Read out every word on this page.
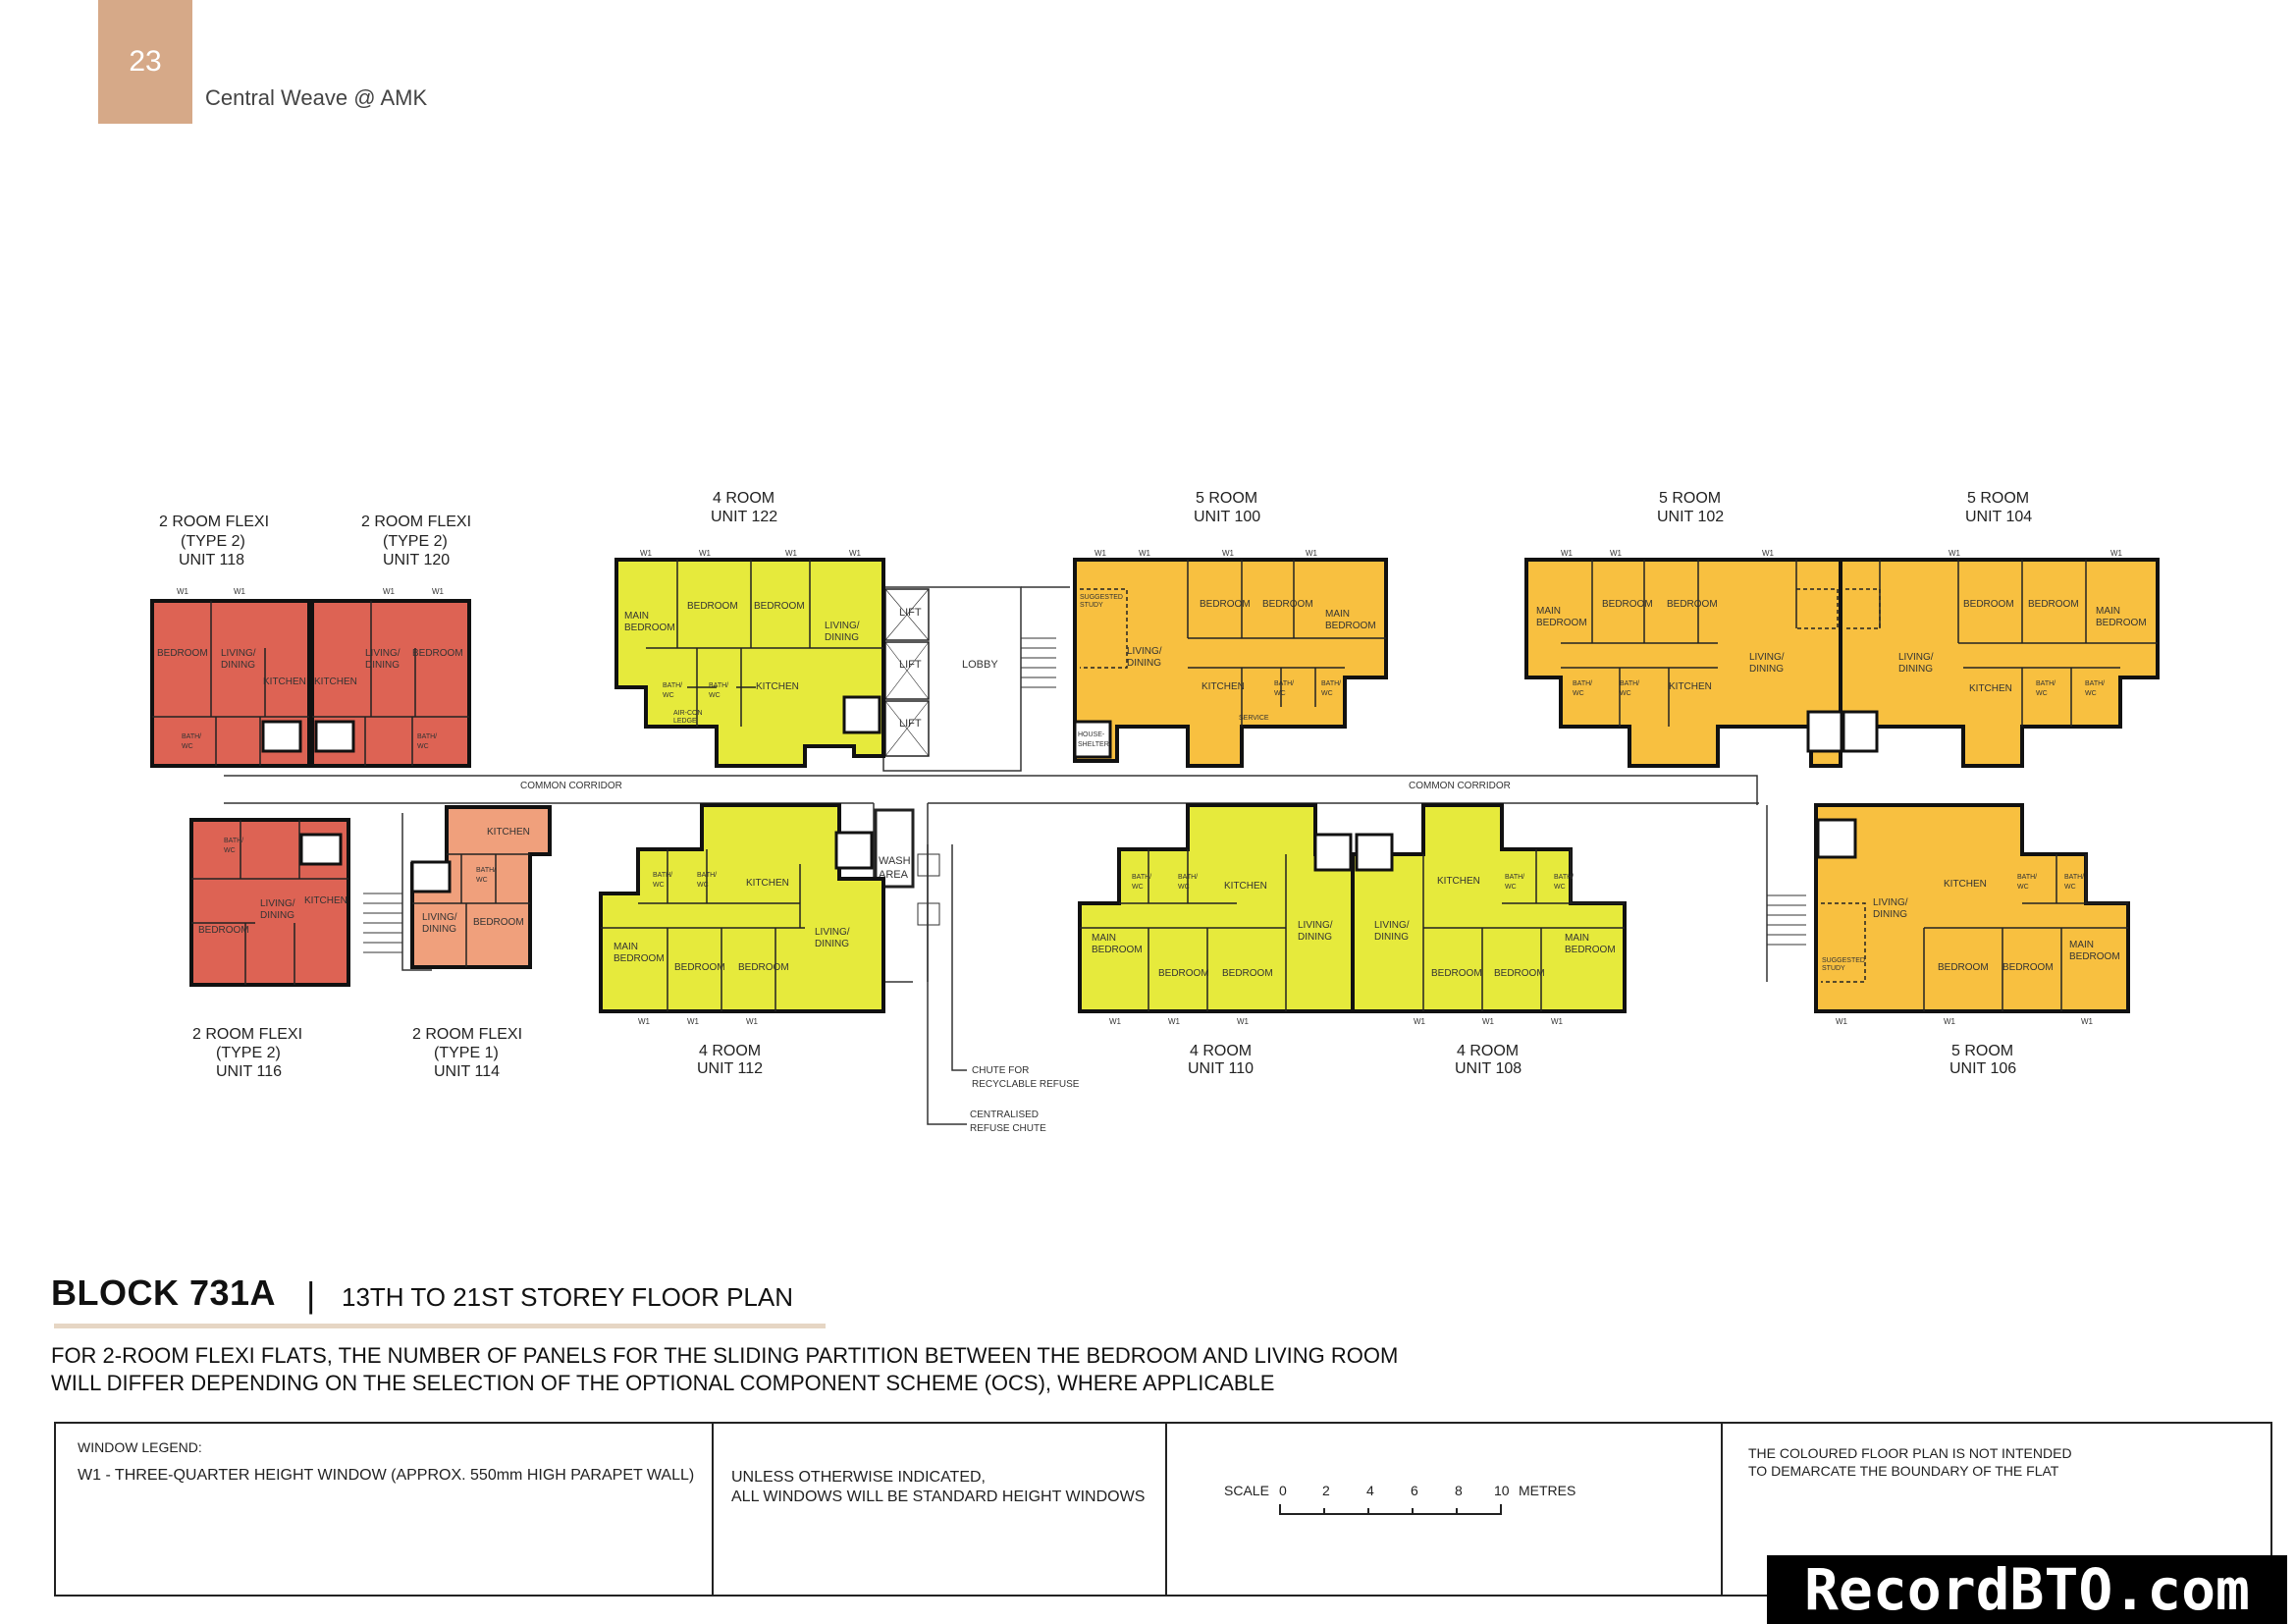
23
Central Weave @ AMK
LIFT
LIFT
LIFT
LOBBY
WASH
AREA
CHUTE FOR
RECYCLABLE REFUSE
CENTRALISED
REFUSE CHUTE
COMMON CORRIDOR	COMMON CORRIDOR
2 ROOM FLEXI
(TYPE 2)
UNIT 118
2 ROOM FLEXI
(TYPE 2)
UNIT 120
4 ROOM
UNIT 122
5 ROOM
UNIT 100
5 ROOM
UNIT 102
5 ROOM
UNIT 104
2 ROOM FLEXI
(TYPE 2)
UNIT 116
2 ROOM FLEXI
(TYPE 1)
UNIT 114
4 ROOM
UNIT 112
4 ROOM
UNIT 110
4 ROOM
UNIT 108
5 ROOM
UNIT 106
BEDROOM LIVING/
DINING
KITCHEN
BATH/
WC
KITCHEN
LIVING/
DINING
BEDROOM
BATH/
WC
MAIN
BEDROOM
BEDROOM BEDROOM
LIVING/
DINING
KITCHEN
BATH/
WC
BATH/
WC
AIR-CON
LEDGE
SUGGESTED
STUDY	BEDROOM BEDROOM
MAIN
BEDROOM
LIVING/
DINING
KITCHEN	BATH/
WC
BATH/
WC
MAIN
BEDROOM
BEDROOM BEDROOM
LIVING/
DINING
KITCHEN
BATH/
WC
BATH/
WC
LIVING/
DINING
BEDROOM BEDROOM
MAIN
BEDROOM
KITCHEN	BATH/
WC
BATH/
WC
BATH/
WC
KITCHEN
LIVING/
DINING
BEDROOM
KITCHEN
BATH/
WC
LIVING/
DINING
BEDROOM
MAIN
BEDROOM
BEDROOM BEDROOM
LIVING/
DINING
KITCHEN
BATH/
WC
BATH/
WC
MAIN
BEDROOM
BEDROOM BEDROOM
LIVING/
DINING
KITCHEN
BATH/
WC
BATH/
WC
LIVING/
DINING
KITCHEN
BEDROOM BEDROOM
MAIN
BEDROOM
BATH/
WC
BATH/
WC
LIVING/
DINING
KITCHEN
BEDROOM BEDROOM
MAIN
BEDROOM
BATH/
WC
BATH/
WC
SUGGESTED
STUDY
SERVICE
HOUSE-
SHELTER
W1	W1	W1	W1
W1	W1	W1	W1	W1	W1	W1	W1	W1	W1	W1	W1	W1
W1	W1	W1	W1	W1	W1	W1	W1	W1	W1	W1	W1
BLOCK 731A | 13TH TO 21ST STOREY FLOOR PLAN
FOR 2-ROOM FLEXI FLATS, THE NUMBER OF PANELS FOR THE SLIDING PARTITION BETWEEN THE BEDROOM AND LIVING ROOM
WILL DIFFER DEPENDING ON THE SELECTION OF THE OPTIONAL COMPONENT SCHEME (OCS), WHERE APPLICABLE
WINDOW LEGEND:
W1 - THREE-QUARTER HEIGHT WINDOW (APPROX. 550mm HIGH PARAPET WALL) UNLESS OTHERWISE INDICATED,
ALL WINDOWS WILL BE STANDARD HEIGHT WINDOWS	SCALE 0	2	4	6	8 10 METRES
THE COLOURED FLOOR PLAN IS NOT INTENDED
TO DEMARCATE THE BOUNDARY OF THE FLAT
RecordBTO.com
